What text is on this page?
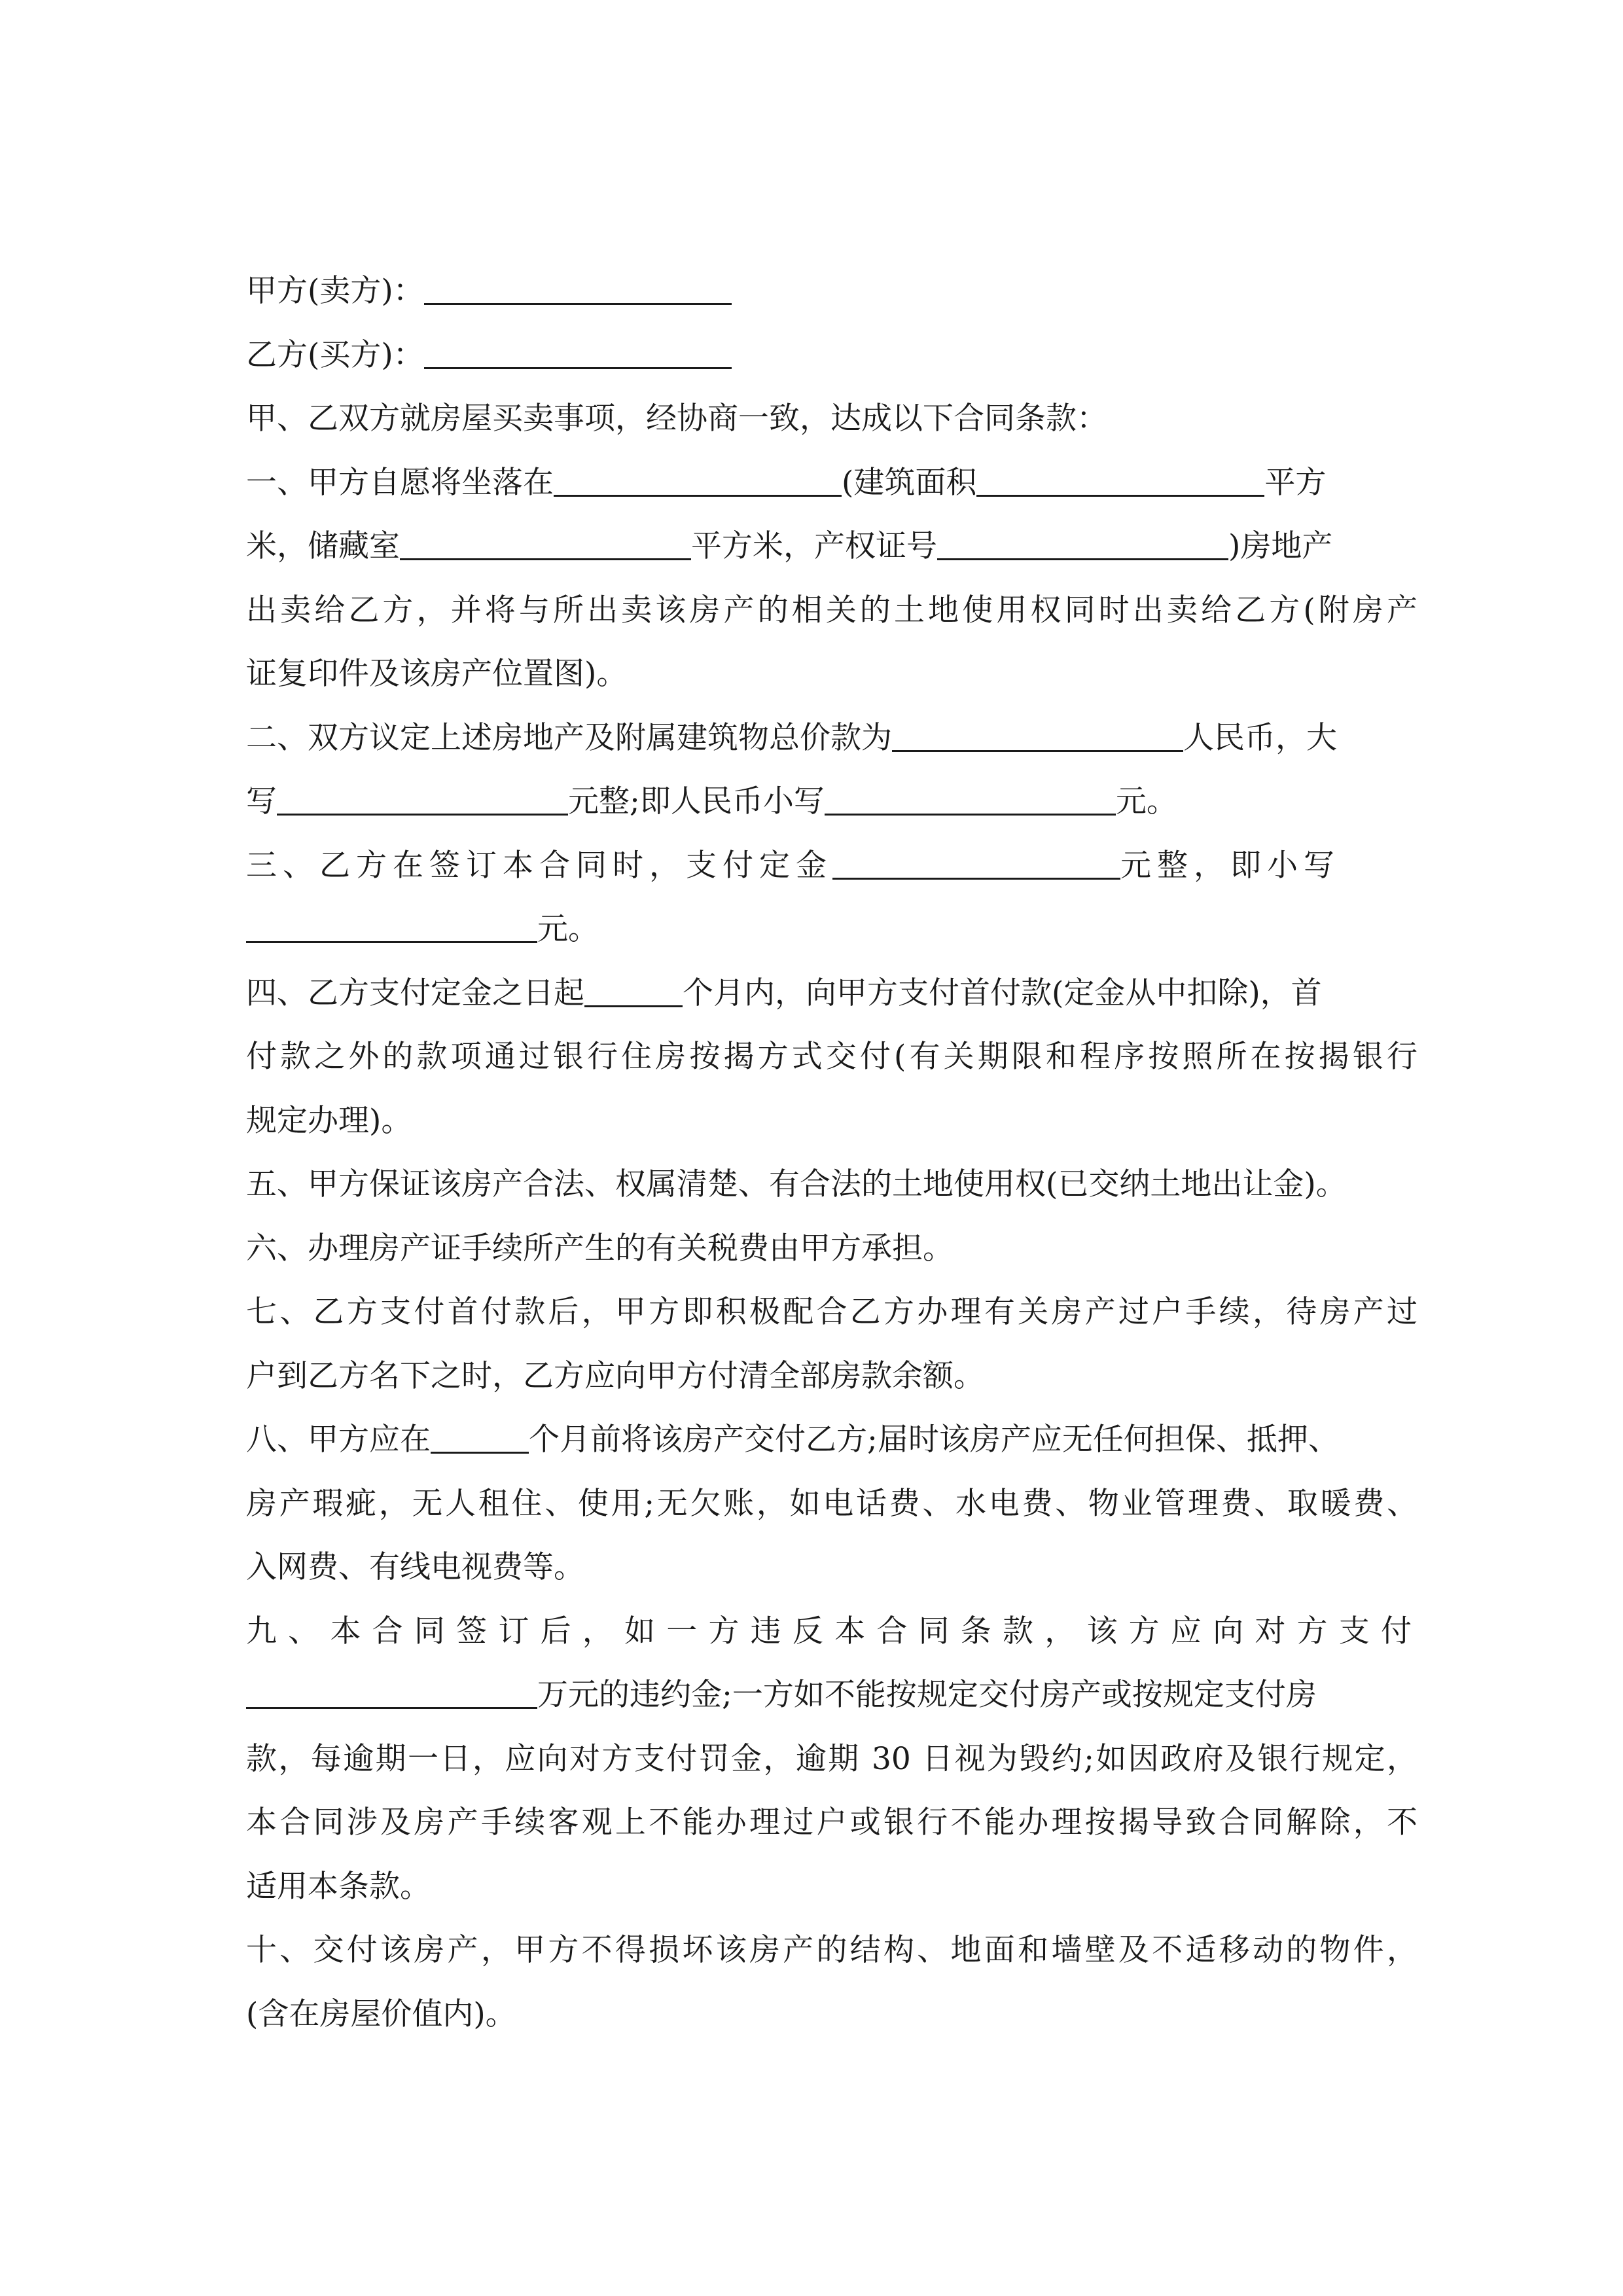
甲方(卖方)：
乙方(买方)：
甲、乙双方就房屋买卖事项，经协商一致，达成以下合同条款：
一、甲方自愿将坐落在	(建筑面积	平方
米，储藏室	平方米，产权证号	)房地产
出卖给乙方，并将与所出卖该房产的相关的土地使用权同时出卖给乙方(附房产
证复印件及该房产位置图)。
二、双方议定上述房地产及附属建筑物总价款为	人民币，大
写	元整;即人民币小写	元。
三、乙方在签订本合同时，支付定金	元整，即小写
元。
四、乙方支付定金之日起	个月内，向甲方支付首付款(定金从中扣除)，首
付款之外的款项通过银行住房按揭方式交付(有关期限和程序按照所在按揭银行
规定办理)。
五、甲方保证该房产合法、权属清楚、有合法的土地使用权(已交纳土地出让金)。
六、办理房产证手续所产生的有关税费由甲方承担。
七、乙方支付首付款后，甲方即积极配合乙方办理有关房产过户手续，待房产过
户到乙方名下之时，乙方应向甲方付清全部房款余额。
八、甲方应在	个月前将该房产交付乙方;届时该房产应无任何担保、抵押、
房产瑕疵，无人租住、使用;无欠账，如电话费、水电费、物业管理费、取暖费、
入网费、有线电视费等。
九、本合同签订后，如一方违反本合同条款，该方应向对方支付
万元的违约金;一方如不能按规定交付房产或按规定支付房
款，每逾期一日，应向对方支付罚金，逾期 30 日视为毁约;如因政府及银行规定，
本合同涉及房产手续客观上不能办理过户或银行不能办理按揭导致合同解除，不
适用本条款。
十、交付该房产，甲方不得损坏该房产的结构、地面和墙壁及不适移动的物件，
(含在房屋价值内)。
